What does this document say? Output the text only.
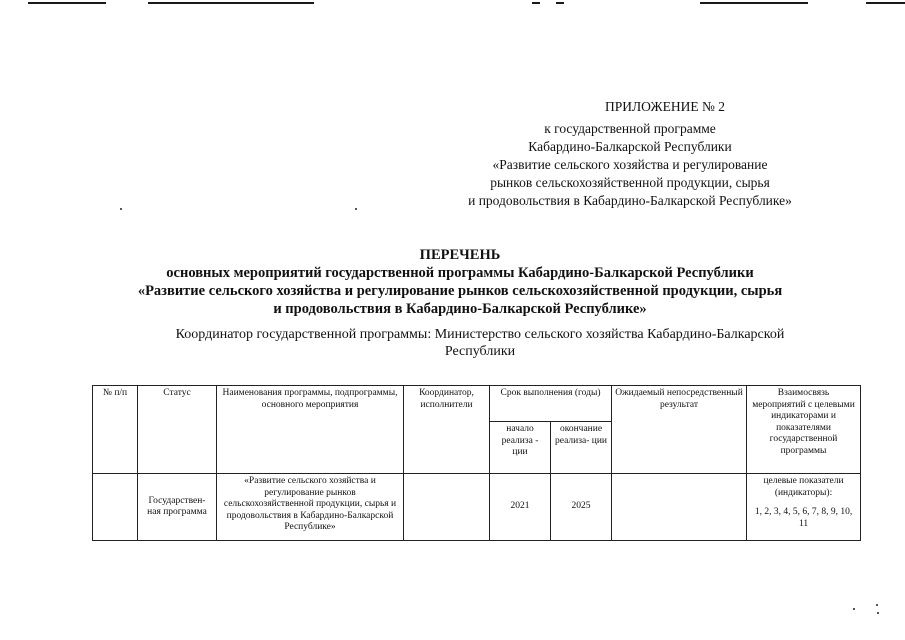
ПРИЛОЖЕНИЕ № 2
к государственной программе
Кабардино-Балкарской Республики
«Развитие сельского хозяйства и регулирование
рынков сельскохозяйственной продукции, сырья
и продовольствия в Кабардино-Балкарской Республике»
ПЕРЕЧЕНЬ
основных мероприятий государственной программы Кабардино-Балкарской Республики
«Развитие сельского хозяйства и регулирование рынков сельскохозяйственной продукции, сырья
и продовольствия в Кабардино-Балкарской Республике»
Координатор государственной программы: Министерство сельского хозяйства Кабардино-Балкарской
Республики
№ п/п	Статус	Наименования программы, подпрограммы, основного мероприятия	Координатор, исполнители	Срок выполнения (годы)		Ожидаемый непосредственный результат	Взаимосвязь мероприятий с целевыми индикаторами и показателями государственной программы
				начало реализа - ции	окончание реализа- ции		
	Государствен- ная программа	«Развитие сельского хозяйства и регулирование рынков сельскохозяйственной продукции, сырья и продовольствия в Кабардино-Балкарской Республике»		2021	2025		целевые показатели (индикаторы):
1, 2, 3, 4, 5, 6, 7, 8, 9, 10, 11
